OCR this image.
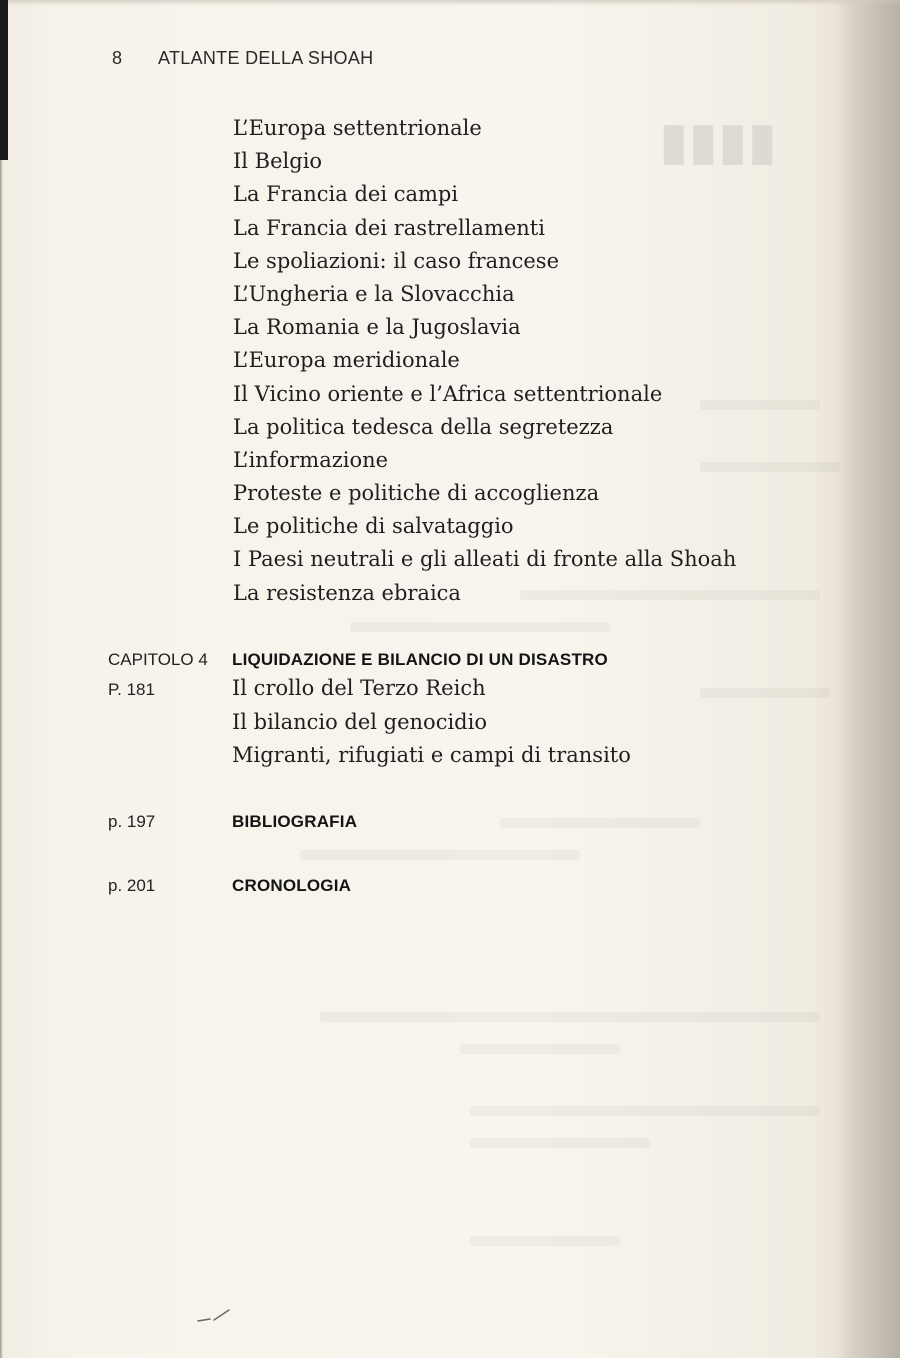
▮▮▮▮
8 ATLANTE DELLA SHOAH
L’Europa settentrionale
Il Belgio
La Francia dei campi
La Francia dei rastrellamenti
Le spoliazioni: il caso francese
L’Ungheria e la Slovacchia
La Romania e la Jugoslavia
L’Europa meridionale
Il Vicino oriente e l’Africa settentrionale
La politica tedesca della segretezza
L’informazione
Proteste e politiche di accoglienza
Le politiche di salvataggio
I Paesi neutrali e gli alleati di fronte alla Shoah
La resistenza ebraica
CAPITOLO 4 LIQUIDAZIONE E BILANCIO DI UN DISASTRO
P. 181	Il crollo del Terzo Reich
Il bilancio del genocidio
Migranti, rifugiati e campi di transito
p. 197	BIBLIOGRAFIA
p. 201	CRONOLOGIA
